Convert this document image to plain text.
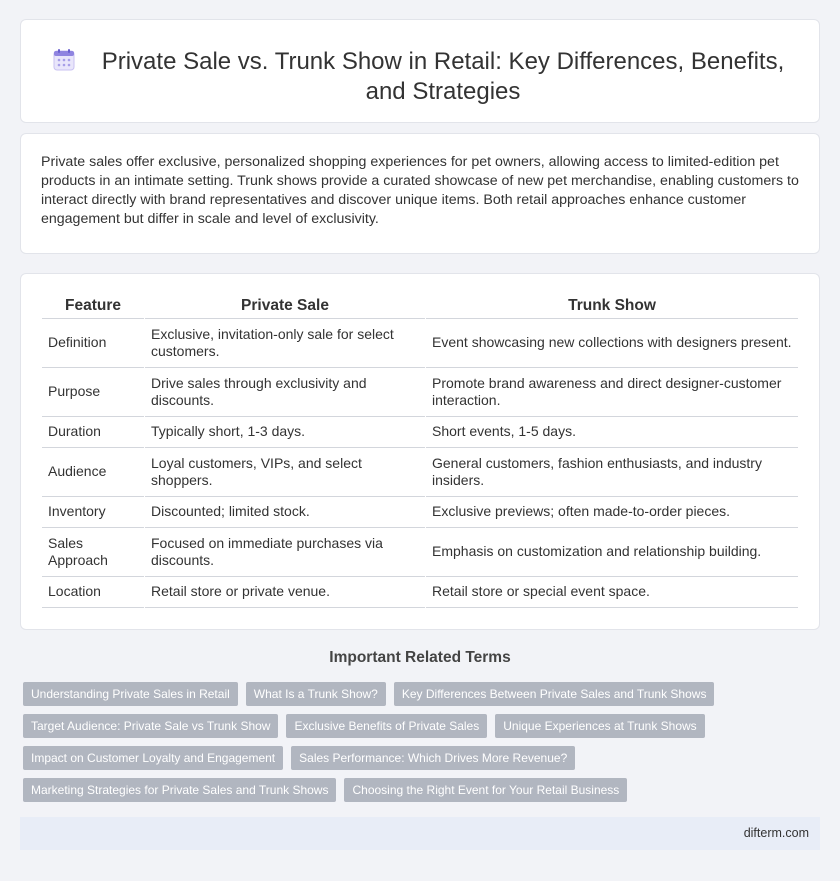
Private Sale vs. Trunk Show in Retail: Key Differences, Benefits, and Strategies

Private sales offer exclusive, personalized shopping experiences for pet owners, allowing access to limited-edition pet products in an intimate setting. Trunk shows provide a curated showcase of new pet merchandise, enabling customers to interact directly with brand representatives and discover unique items. Both retail approaches enhance customer engagement but differ in scale and level of exclusivity.

Feature		Private Sale		Trunk Show
Definition		Exclusive, invitation-only sale for select customers.		Event showcasing new collections with designers present.
Purpose		Drive sales through exclusivity and discounts.		Promote brand awareness and direct designer-customer interaction.
Duration		Typically short, 1-3 days.		Short events, 1-5 days.
Audience		Loyal customers, VIPs, and select shoppers.		General customers, fashion enthusiasts, and industry insiders.
Inventory		Discounted; limited stock.		Exclusive previews; often made-to-order pieces.
Sales Approach		Focused on immediate purchases via discounts.		Emphasis on customization and relationship building.
Location		Retail store or private venue.		Retail store or special event space.
Important Related Terms
Understanding Private Sales in Retail	What Is a Trunk Show?	Key Differences Between Private Sales and Trunk Shows
Target Audience: Private Sale vs Trunk Show	Exclusive Benefits of Private Sales	Unique Experiences at Trunk Shows
Impact on Customer Loyalty and Engagement	Sales Performance: Which Drives More Revenue?
Marketing Strategies for Private Sales and Trunk Shows	Choosing the Right Event for Your Retail Business
difterm.com
